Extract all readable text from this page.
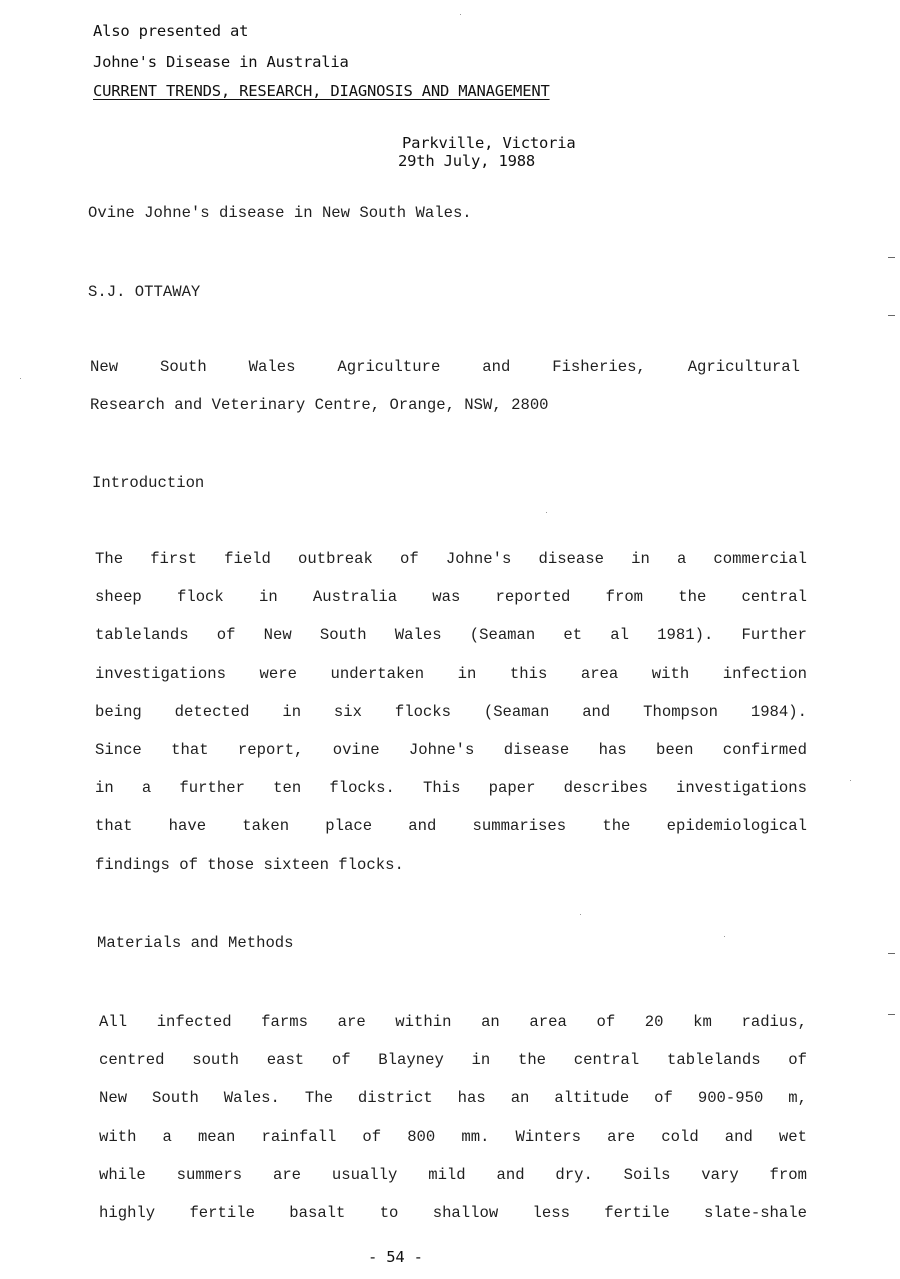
Also presented at
Johne's Disease in Australia
CURRENT TRENDS, RESEARCH, DIAGNOSIS AND MANAGEMENT
Parkville, Victoria
29th July, 1988
Ovine Johne's disease in New South Wales.
S.J. OTTAWAY
New South Wales Agriculture and Fisheries, Agricultural
Research and Veterinary Centre, Orange, NSW, 2800
Introduction
The first field outbreak of Johne's disease in a commercial
sheep flock in Australia was reported from the central
tablelands of New South Wales (Seaman et al 1981). Further
investigations were undertaken in this area with infection
being detected in six flocks (Seaman and Thompson 1984).
Since that report, ovine Johne's disease has been confirmed
in a further ten flocks. This paper describes investigations
that have taken place and summarises the epidemiological
findings of those sixteen flocks.
Materials and Methods
All infected farms are within an area of 20 km radius,
centred south east of Blayney in the central tablelands of
New South Wales. The district has an altitude of 900-950 m,
with a mean rainfall of 800 mm. Winters are cold and wet
while summers are usually mild and dry. Soils vary from
highly fertile basalt to shallow less fertile slate-shale
- 54 -
